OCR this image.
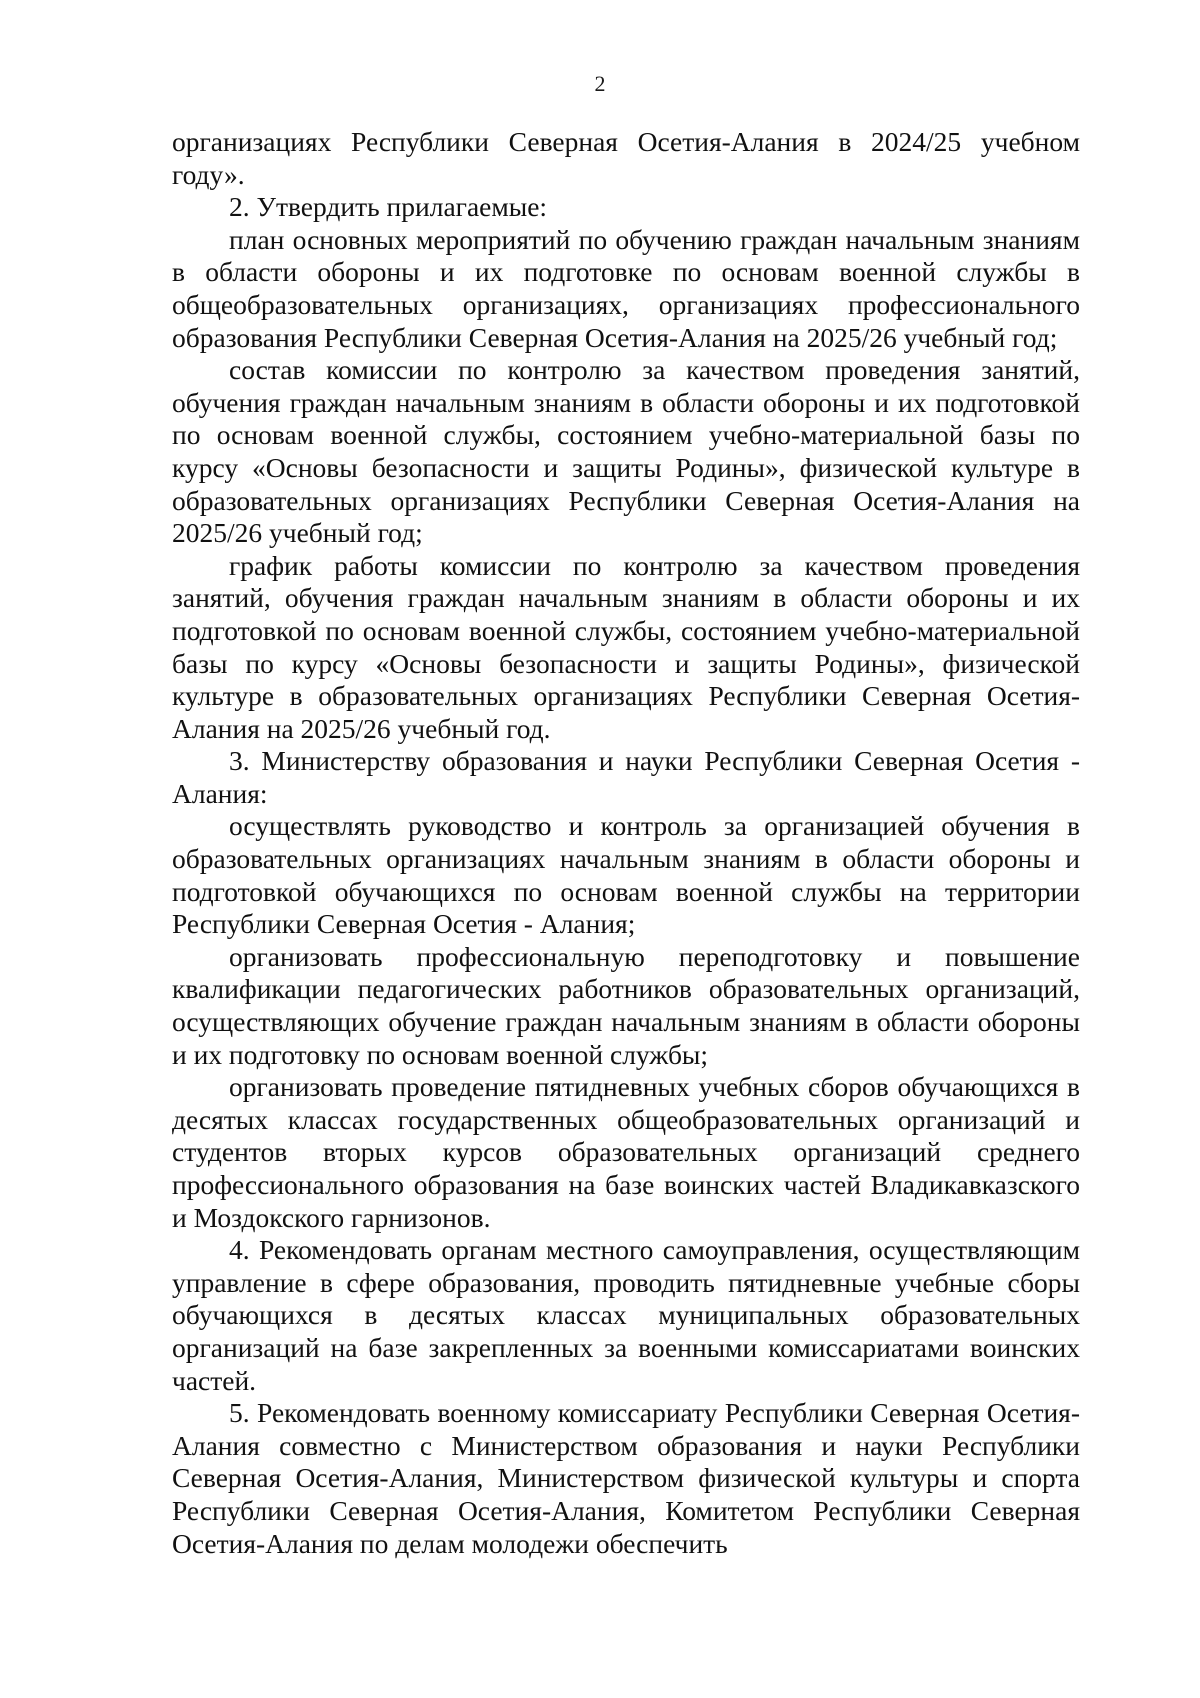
2

организациях Республики Северная Осетия-Алания в 2024/25 учебном году».

2. Утвердить прилагаемые:

план основных мероприятий по обучению граждан начальным знаниям в области обороны и их подготовке по основам военной службы в общеобразовательных организациях, организациях профессионального образования Республики Северная Осетия-Алания на 2025/26 учебный год;

состав комиссии по контролю за качеством проведения занятий, обучения граждан начальным знаниям в области обороны и их подготовкой по основам военной службы, состоянием учебно-материальной базы по курсу «Основы безопасности и защиты Родины», физической культуре в образовательных организациях Республики Северная Осетия-Алания на 2025/26 учебный год;

график работы комиссии по контролю за качеством проведения занятий, обучения граждан начальным знаниям в области обороны и их подготовкой по основам военной службы, состоянием учебно-материальной базы по курсу «Основы безопасности и защиты Родины», физической культуре в образовательных организациях Республики Северная Осетия-Алания на 2025/26 учебный год.

3. Министерству образования и науки Республики Северная Осетия - Алания:

осуществлять руководство и контроль за организацией обучения в образовательных организациях начальным знаниям в области обороны и подготовкой обучающихся по основам военной службы на территории Республики Северная Осетия - Алания;

организовать профессиональную переподготовку и повышение квалификации педагогических работников образовательных организаций, осуществляющих обучение граждан начальным знаниям в области обороны и их подготовку по основам военной службы;

организовать проведение пятидневных учебных сборов обучающихся в десятых классах государственных общеобразовательных организаций и студентов вторых курсов образовательных организаций среднего профессионального образования на базе воинских частей Владикавказского и Моздокского гарнизонов.

4. Рекомендовать органам местного самоуправления, осуществляющим управление в сфере образования, проводить пятидневные учебные сборы обучающихся в десятых классах муниципальных образовательных организаций на базе закрепленных за военными комиссариатами воинских частей.

5. Рекомендовать военному комиссариату Республики Северная Осетия-Алания совместно с Министерством образования и науки Республики Северная Осетия-Алания, Министерством физической культуры и спорта Республики Северная Осетия-Алания, Комитетом Республики Северная Осетия-Алания по делам молодежи обеспечить
